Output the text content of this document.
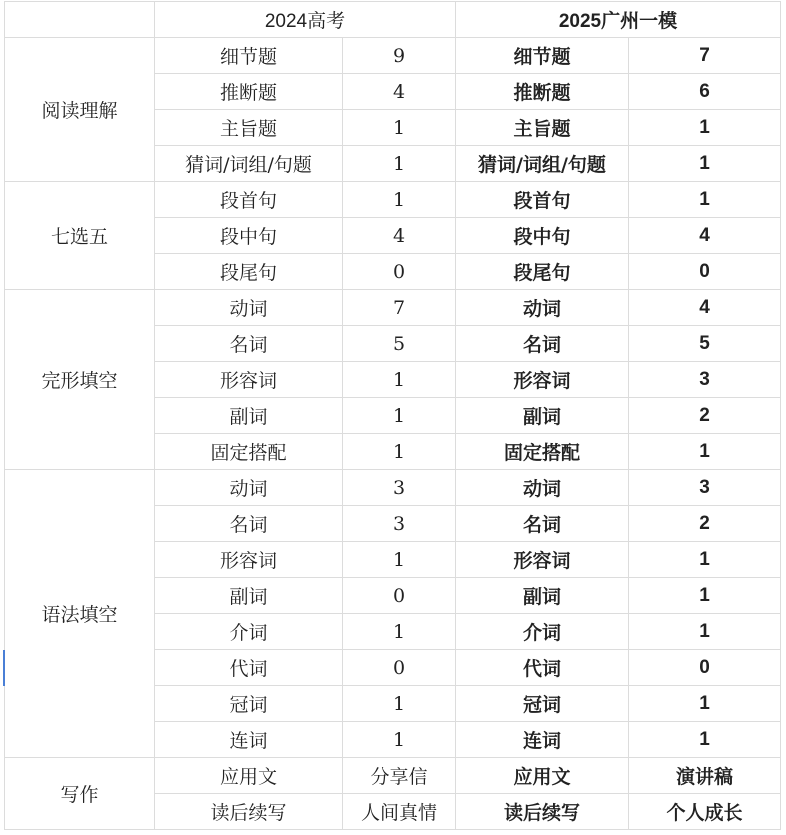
	2024高考		2025广州一模	
阅读理解	细节题	9	细节题	7
	推断题	4	推断题	6
	主旨题	1	主旨题	1
	猜词/词组/句题	1	猜词/词组/句题	1
七选五	段首句	1	段首句	1
	段中句	4	段中句	4
	段尾句	0	段尾句	0
完形填空	动词	7	动词	4
	名词	5	名词	5
	形容词	1	形容词	3
	副词	1	副词	2
	固定搭配	1	固定搭配	1
语法填空	动词	3	动词	3
	名词	3	名词	2
	形容词	1	形容词	1
	副词	0	副词	1
	介词	1	介词	1
	代词	0	代词	0
	冠词	1	冠词	1
	连词	1	连词	1
写作	应用文	分享信	应用文	演讲稿
	读后续写	人间真情	读后续写	个人成长
